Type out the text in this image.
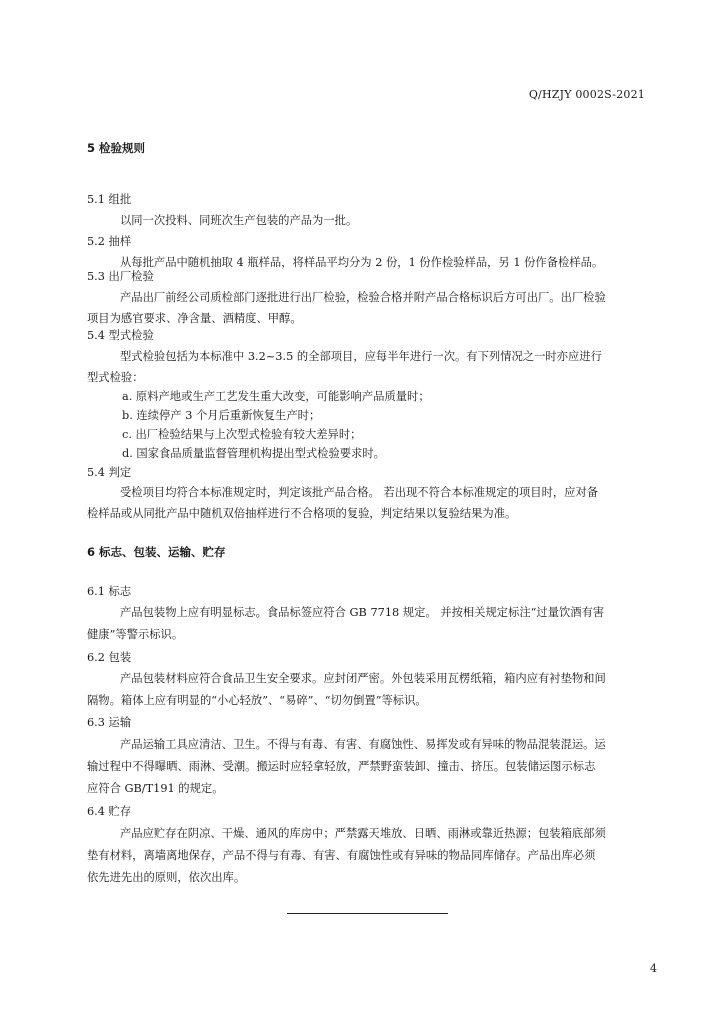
Q/HZJY 0002S-2021
5 检验规则
5.1 组批
以同一次投料、同班次生产包装的产品为一批。
5.2 抽样
从每批产品中随机抽取 4 瓶样品，将样品平均分为 2 份，1 份作检验样品，另 1 份作备检样品。
5.3 出厂检验
产品出厂前经公司质检部门逐批进行出厂检验，检验合格并附产品合格标识后方可出厂。出厂检验
项目为感官要求、净含量、酒精度、甲醇。
5.4 型式检验
型式检验包括为本标准中 3.2~3.5 的全部项目，应每半年进行一次。有下列情况之一时亦应进行
型式检验：
a. 原料产地或生产工艺发生重大改变，可能影响产品质量时；
b. 连续停产 3 个月后重新恢复生产时；
c. 出厂检验结果与上次型式检验有较大差异时；
d. 国家食品质量监督管理机构提出型式检验要求时。
5.4 判定
受检项目均符合本标准规定时，判定该批产品合格。 若出现不符合本标准规定的项目时，应对备
检样品或从同批产品中随机双倍抽样进行不合格项的复验，判定结果以复验结果为准。
6 标志、包装、运输、贮存
6.1 标志
产品包装物上应有明显标志。食品标签应符合 GB 7718 规定。 并按相关规定标注“过量饮酒有害
健康”等警示标识。
6.2 包装
产品包装材料应符合食品卫生安全要求。应封闭严密。外包装采用瓦楞纸箱，箱内应有衬垫物和间
隔物。箱体上应有明显的“小心轻放”、“易碎”、“切勿倒置”等标识。
6.3 运输
产品运输工具应清洁、卫生。不得与有毒、有害、有腐蚀性、易挥发或有异味的物品混装混运。运
输过程中不得曝晒、雨淋、受潮。搬运时应轻拿轻放，严禁野蛮装卸、撞击、挤压。包装储运图示标志
应符合 GB/T191 的规定。
6.4 贮存
产品应贮存在阴凉、干燥、通风的库房中；严禁露天堆放、日晒、雨淋或靠近热源；包装箱底部须
垫有材料，离墙离地保存，产品不得与有毒、有害、有腐蚀性或有异味的物品同库储存。产品出库必须
依先进先出的原则，依次出库。
4
